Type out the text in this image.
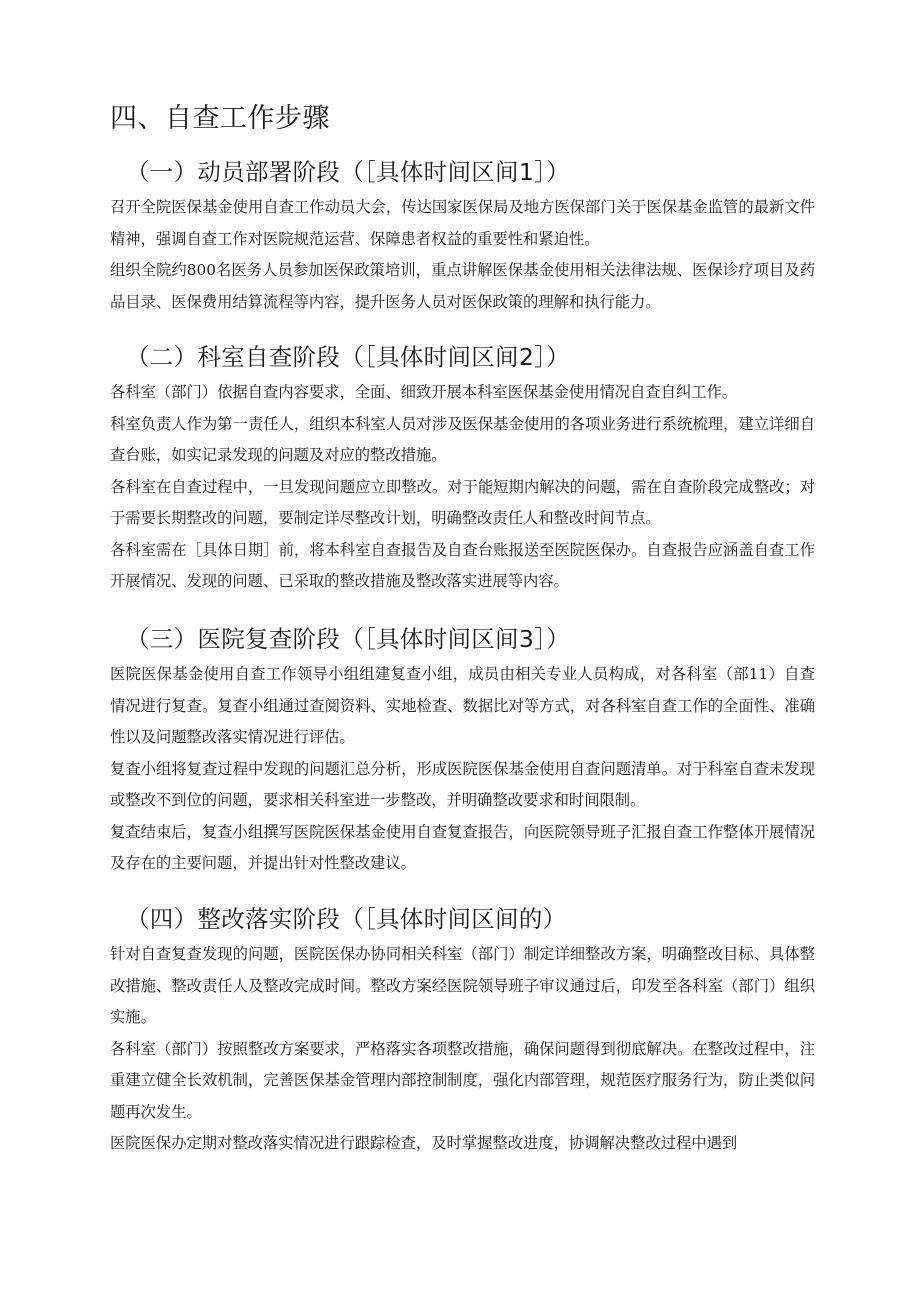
四、自查工作步骤
（一）动员部署阶段（［具体时间区间1］）

召开全院医保基金使用自查工作动员大会，传达国家医保局及地方医保部门关于医保基金监管的最新文件精神，强调自查工作对医院规范运营、保障患者权益的重要性和紧迫性。

组织全院约800名医务人员参加医保政策培训，重点讲解医保基金使用相关法律法规、医保诊疗项目及药品目录、医保费用结算流程等内容，提升医务人员对医保政策的理解和执行能力。

（二）科室自查阶段（［具体时间区间2］）

各科室（部门）依据自查内容要求，全面、细致开展本科室医保基金使用情况自查自纠工作。

科室负责人作为第一责任人，组织本科室人员对涉及医保基金使用的各项业务进行系统梳理，建立详细自查台账，如实记录发现的问题及对应的整改措施。

各科室在自查过程中，一旦发现问题应立即整改。对于能短期内解决的问题，需在自查阶段完成整改；对于需要长期整改的问题，要制定详尽整改计划，明确整改责任人和整改时间节点。

各科室需在［具体日期］前，将本科室自查报告及自查台账报送至医院医保办。自查报告应涵盖自查工作开展情况、发现的问题、已采取的整改措施及整改落实进展等内容。

（三）医院复查阶段（［具体时间区间3］）

医院医保基金使用自查工作领导小组组建复查小组，成员由相关专业人员构成，对各科室（部11）自查情况进行复查。复查小组通过查阅资料、实地检查、数据比对等方式，对各科室自查工作的全面性、准确性以及问题整改落实情况进行评估。

复查小组将复查过程中发现的问题汇总分析，形成医院医保基金使用自查问题清单。对于科室自查未发现或整改不到位的问题，要求相关科室进一步整改，并明确整改要求和时间限制。

复查结束后，复查小组撰写医院医保基金使用自查复查报告，向医院领导班子汇报自查工作整体开展情况及存在的主要问题，并提出针对性整改建议。

（四）整改落实阶段（［具体时间区间的）

针对自查复查发现的问题，医院医保办协同相关科室（部门）制定详细整改方案，明确整改目标、具体整改措施、整改责任人及整改完成时间。整改方案经医院领导班子审议通过后，印发至各科室（部门）组织实施。

各科室（部门）按照整改方案要求，严格落实各项整改措施，确保问题得到彻底解决。在整改过程中，注重建立健全长效机制，完善医保基金管理内部控制制度，强化内部管理，规范医疗服务行为，防止类似问题再次发生。

医院医保办定期对整改落实情况进行跟踪检查，及时掌握整改进度，协调解决整改过程中遇到
